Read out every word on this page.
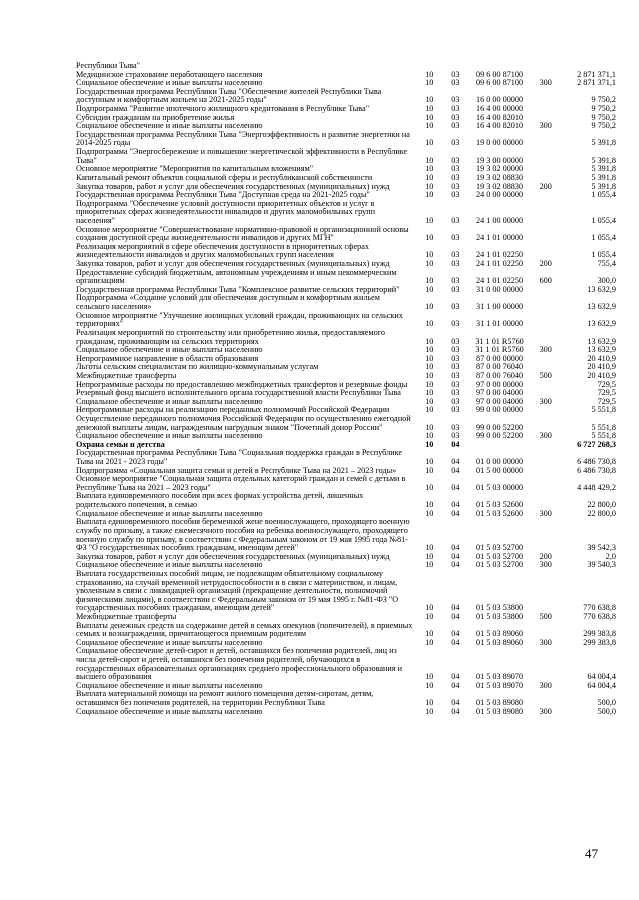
Республики Тыва"					
Медицинское страхование неработающего населения	10	03	09 6 00 87100		2 871 371,1
Социальное обеспечение и иные выплаты населению	10	03	09 6 00 87100	300	2 871 371,1
Государственная программа Республики Тыва "Обеспечение жителей Республики Тыва доступным и комфортным жильем на 2021-2025 годы"	10	03	16 0 00 00000		9 750,2
Подпрограмма "Развитие ипотечного жилищного кредитования в Республике Тыва"	10	03	16 4 00 00000		9 750,2
Субсидии гражданам на приобретение жилья	10	03	16 4 00 82010		9 750,2
Социальное обеспечение и иные выплаты населению	10	03	16 4 00 82010	300	9 750,2
Государственная программа Республики Тыва "Энергоэффективность и развитие энергетики на 2014-2025 годы	10	03	19 0 00 00000		5 391,8
Подпрограмма "Энергосбережение и повышение энергетической эффективности в Республике Тыва"	10	03	19 3 00 00000		5 391,8
Основное мероприятие "Мероприятия по капитальным вложениям"	10	03	19 3 02 00000		5 391,8
Капитальный ремонт объектов социальной сферы и республиканской собственности	10	03	19 3 02 08830		5 391,8
Закупка товаров, работ и услуг для обеспечения государственных (муниципальных) нужд	10	03	19 3 02 08830	200	5 391,8
Государственная программа Республики Тыва "Доступная среда на 2021-2025 годы"	10	03	24 0 00 00000		1 055,4
Подпрограмма "Обеспечение условий доступности приоритетных объектов и услуг в приоритетных сферах жизнедеятельности инвалидов и других маломобильных групп населения"	10	03	24 1 00 00000		1 055,4
Основное мероприятие "Совершенствование нормативно-правовой и организационной основы создания доступной среды жизнедеятельности инвалидов и других МГН"	10	03	24 1 01 00000		1 055,4
Реализация мероприятий в сфере обеспечения доступности в приоритетных сферах жизнедеятельности инвалидов и других маломобильных групп населения	10	03	24 1 01 02250		1 055,4
Закупка товаров, работ и услуг для обеспечения государственных (муниципальных) нужд	10	03	24 1 01 02250	200	755,4
Предоставление субсидий бюджетным, автономным учреждениям и иным некоммерческим организациям	10	03	24 1 01 02250	600	300,0
Государственная программа Республики Тыва "Комплексное развитие сельских территорий"	10	03	31 0 00 00000		13 632,9
Подпрограмма «Создание условий для обеспечения доступным и комфортным жильем сельского населения»	10	03	31 1 00 00000		13 632,9
Основное мероприятие "Улучшение жилищных условий граждан, проживающих на сельских территориях"	10	03	31 1 01 00000		13 632,9
Реализация мероприятий по строительству или приобретению жилья, предоставляемого гражданам, проживающим на сельских территориях	10	03	31 1 01 R5760		13 632,9
Социальное обеспечение и иные выплаты населению	10	03	31 1 01 R5760	300	13 632,9
Непрограммное направление в области образования	10	03	87 0 00 00000		20 410,9
Льготы сельским специалистам по жилищно-коммунальным услугам	10	03	87 0 00 76040		20 410,9
Межбюджетные трансферты	10	03	87 0 00 76040	500	20 410,9
Непрограммные расходы по предоставлению межбюджетных трансфертов и резервные фонды	10	03	97 0 00 00000		729,5
Резервный фонд высшего исполнительного органа государственной власти Республики Тыва	10	03	97 0 00 04000		729,5
Социальное обеспечение и иные выплаты населению	10	03	97 0 00 04000	300	729,5
Непрограммные расходы на реализацию переданных полномочий Российской Федерации	10	03	99 0 00 00000		5 551,8
Осуществление переданного полномочия Российской Федерации по осуществлению ежегодной денежной выплаты лицам, награжденным нагрудным знаком "Почетный донор России"	10	03	99 0 00 52200		5 551,8
Социальное обеспечение и иные выплаты населению	10	03	99 0 00 52200	300	5 551,8
Охрана семьи и детства	10	04			6 727 268,3
Государственная программа Республики Тыва "Социальная поддержка граждан в Республике Тыва на 2021 - 2023 годы"	10	04	01 0 00 00000		6 486 730,8
Подпрограмма «Социальная защита семьи и детей в Республике Тыва на 2021 – 2023 годы»	10	04	01 5 00 00000		6 486 730,8
Основное мероприятие "Социальная защита отдельных категорий граждан и семей с детьми в Республике Тыва на 2021 – 2023 годы"	10	04	01 5 03 00000		4 448 429,2
Выплата единовременного пособия при всех формах устройства детей, лишенных родительского попечения, в семью	10	04	01 5 03 52600		22 800,0
Социальное обеспечение и иные выплаты населению	10	04	01 5 03 52600	300	22 800,0
Выплата единовременного пособия беременной жене военнослужащего, проходящего военную службу по призыву, а также ежемесячного пособия на ребенка военнослужащего, проходящего военную службу по призыву, в соответствии с Федеральным законом от 19 мая 1995 года №81-ФЗ "О государственных пособиях гражданам, имеющим детей"	10	04	01 5 03 52700		39 542,3
Закупка товаров, работ и услуг для обеспечения государственных (муниципальных) нужд	10	04	01 5 03 52700	200	2,0
Социальное обеспечение и иные выплаты населению	10	04	01 5 03 52700	300	39 540,3
Выплата государственных пособий лицам, не подлежащим обязательному социальному страхованию, на случай временной нетрудоспособности и в связи с материнством, и лицам, уволенным в связи с ликвидацией организаций (прекращение деятельности, полномочий физическими лицами), в соответствии с Федеральным законом от 19 мая 1995 г. №81-ФЗ "О государственных пособиях гражданам, имеющим детей"	10	04	01 5 03 53800		770 638,8
Межбюджетные трансферты	10	04	01 5 03 53800	500	770 638,8
Выплаты денежных средств на содержание детей в семьях опекунов (попечителей), в приемных семьях и вознаграждения, причитающегося приемным родителям	10	04	01 5 03 89060		299 383,8
Социальное обеспечение и иные выплаты населению	10	04	01 5 03 89060	300	299 383,8
Социальное обеспечение детей-сирот и детей, оставшихся без попечения родителей, лиц из числа детей-сирот и детей, оставшихся без попечения родителей, обучающихся в государственных образовательных организациях среднего профессионального образования и высшего образования	10	04	01 5 03 89070		64 004,4
Социальное обеспечение и иные выплаты населению	10	04	01 5 03 89070	300	64 004,4
Выплата материальной помощи на ремонт жилого помещения детям-сиротам, детям, оставшимся без попечения родителей, на территории Республики Тыва	10	04	01 5 03 89080		500,0
Социальное обеспечение и иные выплаты населению	10	04	01 5 03 89080	300	500,0
47
